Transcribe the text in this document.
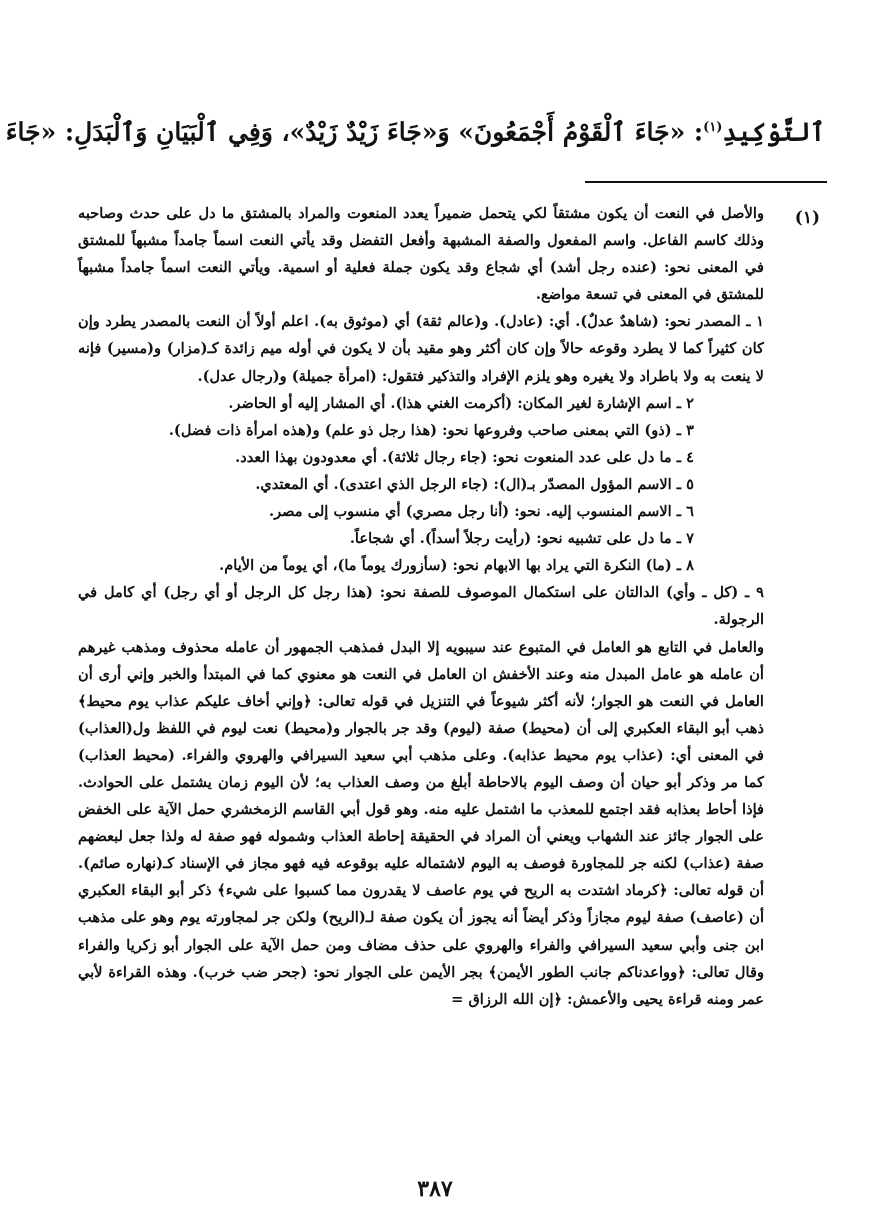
ٱلتَّوْكِيدِ$^{(١)}$: «جَاءَ ٱلْقَوْمُ أَجْمَعُونَ» وَ«جَاءَ زَيْدٌ زَيْدٌ»، وَفِي ٱلْبَيَانِ وَٱلْبَدَلِ: «جَاءَ
(١)

والأصل في النعت أن يكون مشتقاً لكي يتحمل ضميراً يعدد المنعوت والمراد بالمشتق ما دل على حدث وصاحبه وذلك كاسم الفاعل. واسم المفعول والصفة المشبهة وأفعل التفضل وقد يأتي النعت اسماً جامداً مشبهاً للمشتق في المعنى نحو: (عنده رجل أشد) أي شجاع وقد يكون جملة فعلية أو اسمية. ويأتي النعت اسماً جامداً مشبهاً للمشتق في المعنى في تسعة مواضع.

١ ـ المصدر نحو: (شاهدٌ عدلٌ). أي: (عادل). و(عالم ثقة) أي (موثوق به). اعلم أولاً أن النعت بالمصدر يطرد وإن كان كثيراً كما لا يطرد وقوعه حالاً وإن كان أكثر وهو مقيد بأن لا يكون في أوله ميم زائدة كـ(مزار) و(مسير) فإنه لا ينعت به ولا باطراد ولا يغيره وهو يلزم الإفراد والتذكير فتقول: (امرأة جميلة) و(رجال عدل).

٢ ـ اسم الإشارة لغير المكان: (أكرمت الغني هذا). أي المشار إليه أو الحاضر.

٣ ـ (ذو) التي بمعنى صاحب وفروعها نحو: (هذا رجل ذو علم) و(هذه امرأة ذات فضل).

٤ ـ ما دل على عدد المنعوت نحو: (جاء رجال ثلاثة). أي معدودون بهذا العدد.

٥ ـ الاسم المؤول المصدّر بـ(ال): (جاء الرجل الذي اعتدى). أي المعتدي.

٦ ـ الاسم المنسوب إليه. نحو: (أنا رجل مصري) أي منسوب إلى مصر.

٧ ـ ما دل على تشبيه نحو: (رأيت رجلاً أسداً). أي شجاعاً.

٨ ـ (ما) النكرة التي يراد بها الابهام نحو: (سأزورك يوماً ما)، أي يوماً من الأيام.

٩ ـ (كل ـ وأي) الدالتان على استكمال الموصوف للصفة نحو: (هذا رجل كل الرجل أو أي رجل) أي كامل في الرجولة.

والعامل في التابع هو العامل في المتبوع عند سيبويه إلا البدل فمذهب الجمهور أن عامله محذوف ومذهب غيرهم أن عامله هو عامل المبدل منه وعند الأخفش ان العامل في النعت هو معنوي كما في المبتدأ والخبر وإني أرى أن العامل في النعت هو الجوار؛ لأنه أكثر شيوعاً في التنزيل في قوله تعالى: ﴿وإني أخاف عليكم عذاب يوم محيط﴾ ذهب أبو البقاء العكبري إلى أن (محيط) صفة (ليوم) وقد جر بالجوار و(محيط) نعت ليوم في اللفظ ول(العذاب) في المعنى أي: (عذاب يوم محيط عذابه). وعلى مذهب أبي سعيد السيرافي والهروي والفراء. (محيط العذاب) كما مر وذكر أبو حيان أن وصف اليوم بالاحاطة أبلغ من وصف العذاب به؛ لأن اليوم زمان يشتمل على الحوادث. فإذا أحاط بعذابه فقد اجتمع للمعذب ما اشتمل عليه منه. وهو قول أبي القاسم الزمخشري حمل الآية على الخفض على الجوار جائز عند الشهاب ويعني أن المراد في الحقيقة إحاطة العذاب وشموله فهو صفة له ولذا جعل لبعضهم صفة (عذاب) لكنه جر للمجاورة فوصف به اليوم لاشتماله عليه بوقوعه فيه فهو مجاز في الإسناد كـ(نهاره صائم). أن قوله تعالى: ﴿كرماد اشتدت به الريح في يوم عاصف لا يقدرون مما كسبوا على شيء﴾ ذكر أبو البقاء العكبري أن (عاصف) صفة ليوم مجازاً وذكر أيضاً أنه يجوز أن يكون صفة لـ(الريح) ولكن جر لمجاورته يوم وهو على مذهب ابن جنى وأبي سعيد السيرافي والفراء والهروي على حذف مضاف ومن حمل الآية على الجوار أبو زكريا والفراء وقال تعالى: ﴿وواعدناكم جانب الطور الأيمن﴾ بجر الأيمن على الجوار نحو: (جحر ضب خرب). وهذه القراءة لأبي عمر ومنه قراءة يحيى والأعمش: ﴿إن الله الرزاق =

٣٨٧
